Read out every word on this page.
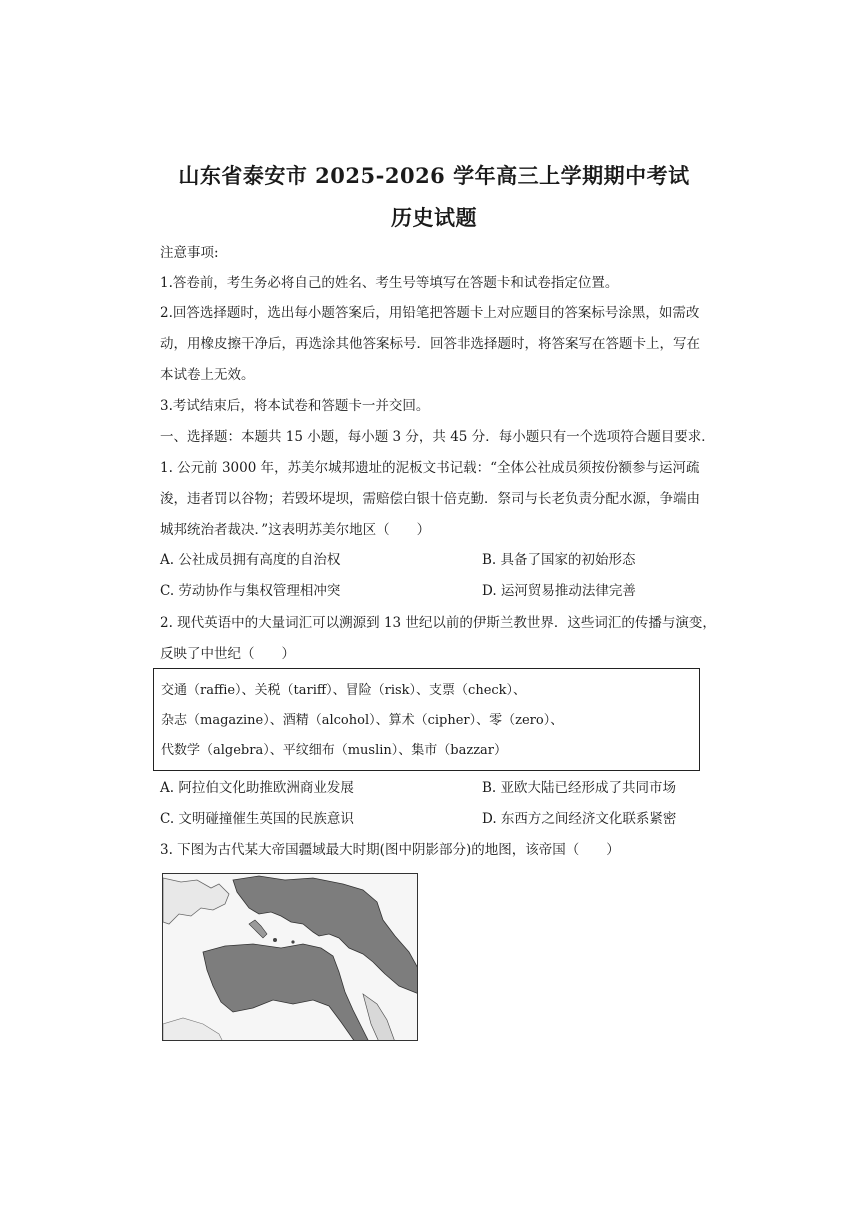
山东省泰安市 2025-2026 学年高三上学期期中考试
历史试题
注意事项:
1.答卷前，考生务必将自己的姓名、考生号等填写在答题卡和试卷指定位置。
2.回答选择题时，选出每小题答案后，用铅笔把答题卡上对应题目的答案标号涂黑，如需改
动，用橡皮擦干净后，再选涂其他答案标号．回答非选择题时，将答案写在答题卡上，写在
本试卷上无效。
3.考试结束后，将本试卷和答题卡一并交回。
一、选择题：本题共 15 小题，每小题 3 分，共 45 分．每小题只有一个选项符合题目要求．
1. 公元前 3000 年，苏美尔城邦遗址的泥板文书记载：“全体公社成员须按份额参与运河疏
浚，违者罚以谷物；若毁坏堤坝，需赔偿白银十倍克勤．祭司与长老负责分配水源，争端由
城邦统治者裁决．”这表明苏美尔地区（　　）
A. 公社成员拥有高度的自治权	B. 具备了国家的初始形态
C. 劳动协作与集权管理相冲突	D. 运河贸易推动法律完善
2. 现代英语中的大量词汇可以溯源到 13 世纪以前的伊斯兰教世界．这些词汇的传播与演变，
反映了中世纪（　　）
交通（raffie）、关税（tariff）、冒险（risk）、支票（check）、
杂志（magazine）、酒精（alcohol）、算术（cipher）、零（zero）、
代数学（algebra）、平纹细布（muslin）、集市（bazzar）
A. 阿拉伯文化助推欧洲商业发展	B. 亚欧大陆已经形成了共同市场
C. 文明碰撞催生英国的民族意识	D. 东西方之间经济文化联系紧密
3. 下图为古代某大帝国疆域最大时期(图中阴影部分)的地图，该帝国（　　）
